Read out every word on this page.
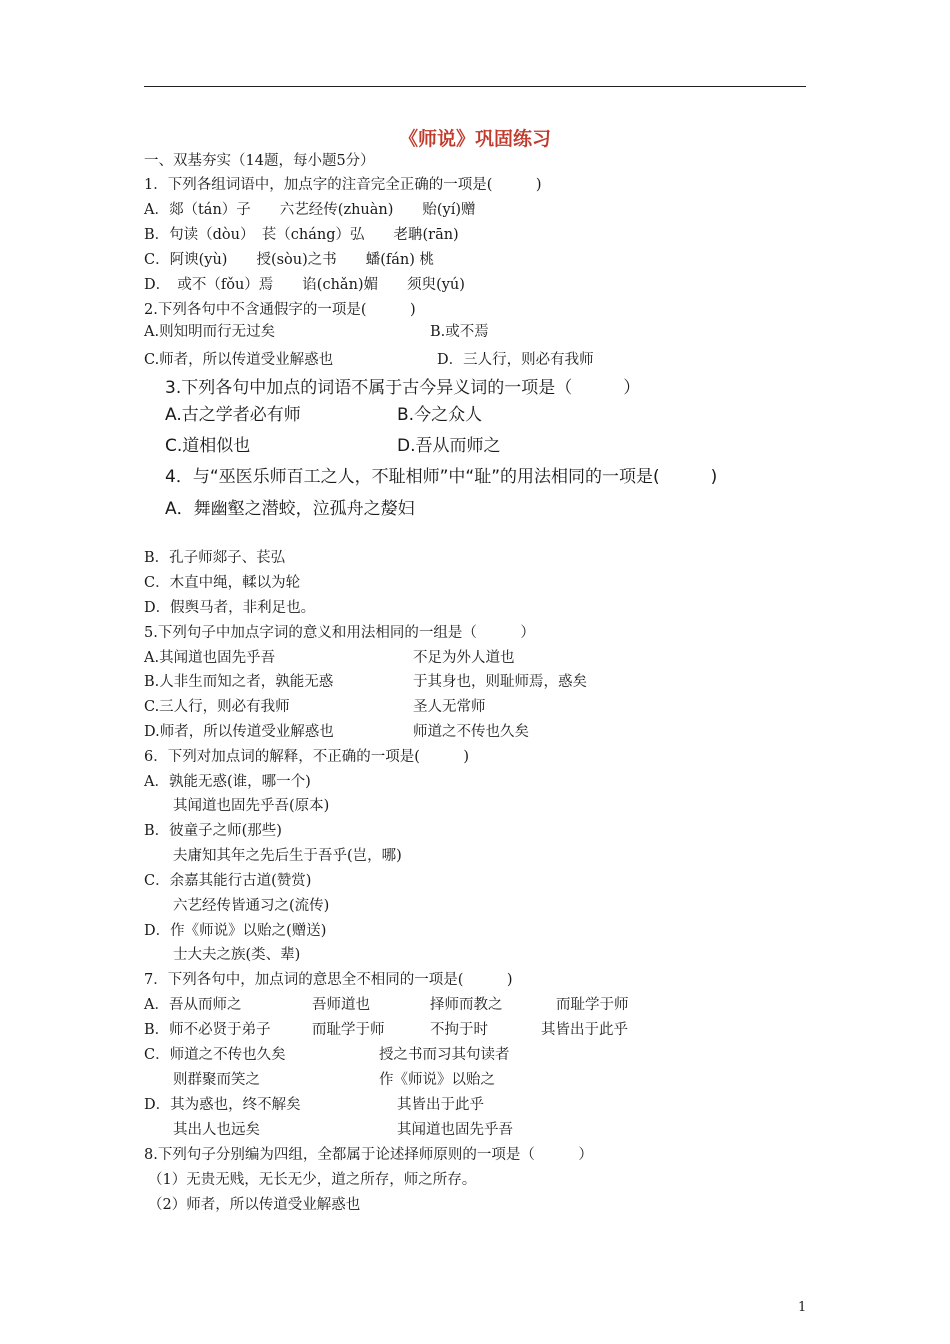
《师说》巩固练习
一、双基夯实（14题，每小题5分）
1．下列各组词语中，加点字的注音完全正确的一项是(　　　)
A．郯（tán）子　　六艺经传(zhuàn)　　贻(yí)赠
B．句读（dòu）　苌（cháng）弘　　老聃(rān)
C．阿谀(yù)　　授(sòu)之书　　蟠(fán) 桃
D．　或不（fǒu）焉　　谄(chǎn)媚　　须臾(yú)
2.下列各句中不含通假字的一项是(　　　)
A.则知明而行无过矣	B.或不焉
C.师者，所以传道受业解惑也	D．三人行，则必有我师
3.下列各句中加点的词语不属于古今异义词的一项是（　　　）
A.古之学者必有师	B.今之众人
C.道相似也	D.吾从而师之
4．与“巫医乐师百工之人，不耻相师”中“耻”的用法相同的一项是(　　　)
A．舞幽壑之潜蛟，泣孤舟之嫠妇
B．孔子师郯子、苌弘
C．木直中绳，輮以为轮
D．假舆马者，非利足也。
5.下列句子中加点字词的意义和用法相同的一组是（　　　）
A.其闻道也固先乎吾	不足为外人道也
B.人非生而知之者，孰能无惑	于其身也，则耻师焉，惑矣
C.三人行，则必有我师	圣人无常师
D.师者，所以传道受业解惑也	师道之不传也久矣
6．下列对加点词的解释，不正确的一项是(　　　)
A．孰能无惑(谁，哪一个)
　　其闻道也固先乎吾(原本)
B．彼童子之师(那些)
　　夫庸知其年之先后生于吾乎(岂，哪)
C．余嘉其能行古道(赞赏)
　　六艺经传皆通习之(流传)
D．作《师说》以贻之(赠送)
　　士大夫之族(类、辈)
7．下列各句中，加点词的意思全不相同的一项是(　　　)
A．吾从而师之	吾师道也	择师而教之	而耻学于师
B．师不必贤于弟子	而耻学于师	不拘于时	其皆出于此乎
C．师道之不传也久矣	授之书而习其句读者
　　则群聚而笑之	作《师说》以贻之
D．其为惑也，终不解矣	其皆出于此乎
　　其出人也远矣	其闻道也固先乎吾
8.下列句子分别编为四组，全都属于论述择师原则的一项是（　　　）
（1）无贵无贱，无长无少，道之所存，师之所存。
（2）师者，所以传道受业解惑也
1
